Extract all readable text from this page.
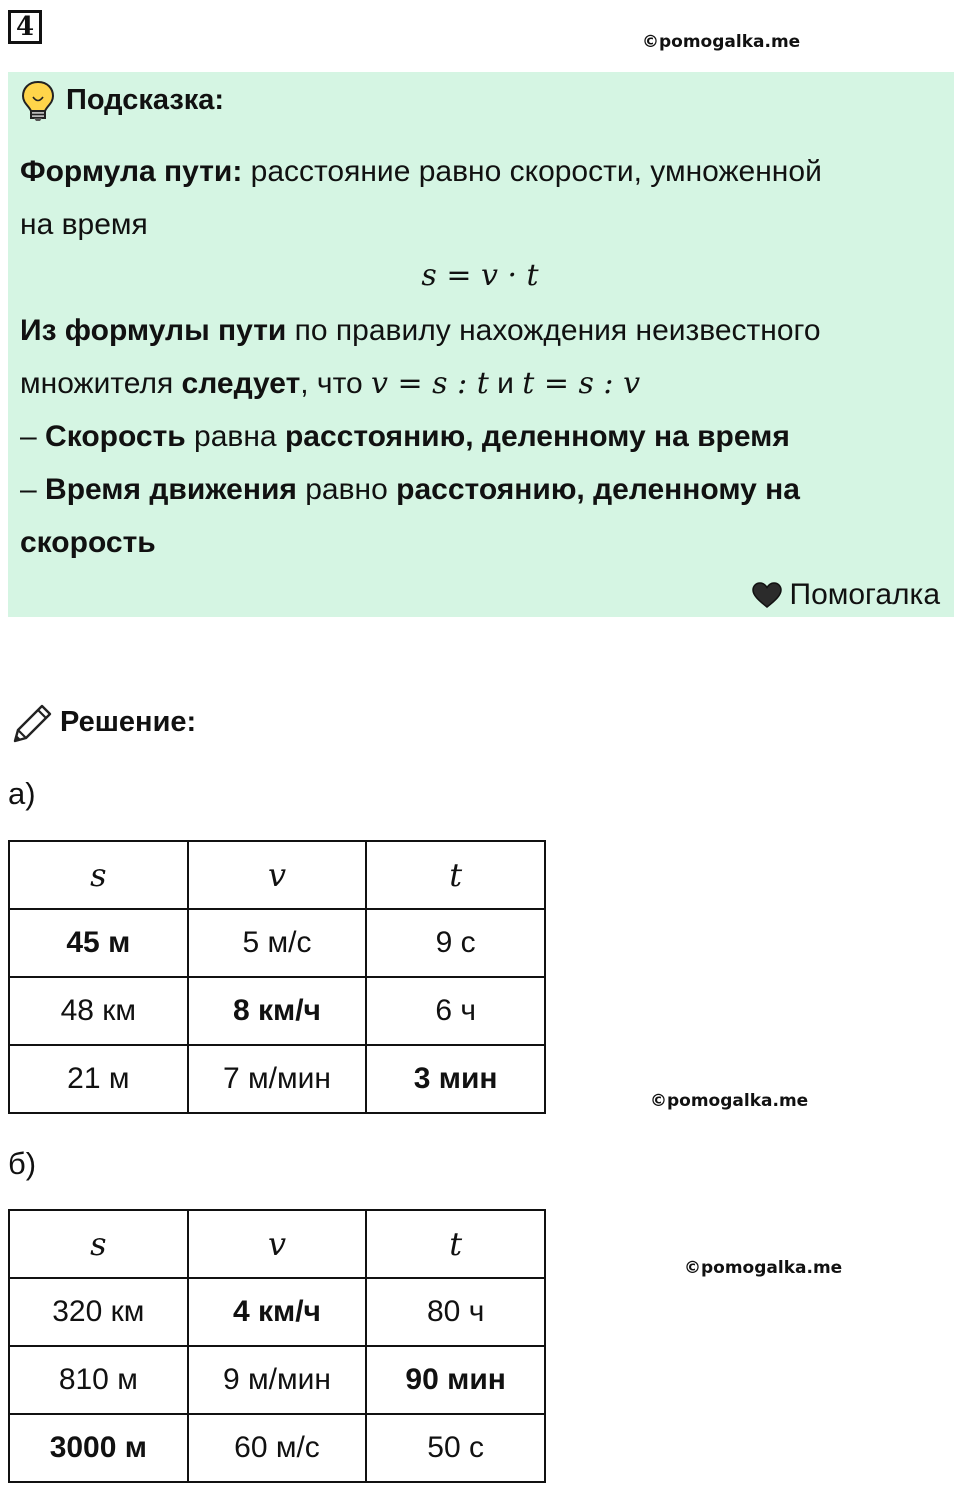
4	©pomogalka.me
Подсказка:
Формула пути: расстояние равно скорости, умноженной
на время
s = v · t
Из формулы пути по правилу нахождения неизвестного
множителя следует, что v = s : t и t = s : v
– Скорость равна расстоянию, деленному на время
– Время движения равно расстоянию, деленному на
скорость
Помогалка
Решение:
а)
s	v	t
45 м	5 м/с	9 с
48 км	8 км/ч	6 ч
21 м	7 м/мин	3 мин
©pomogalka.me
б)
s	v	t
320 км	4 км/ч	80 ч
810 м	9 м/мин	90 мин
3000 м	60 м/с	50 с
©pomogalka.me
